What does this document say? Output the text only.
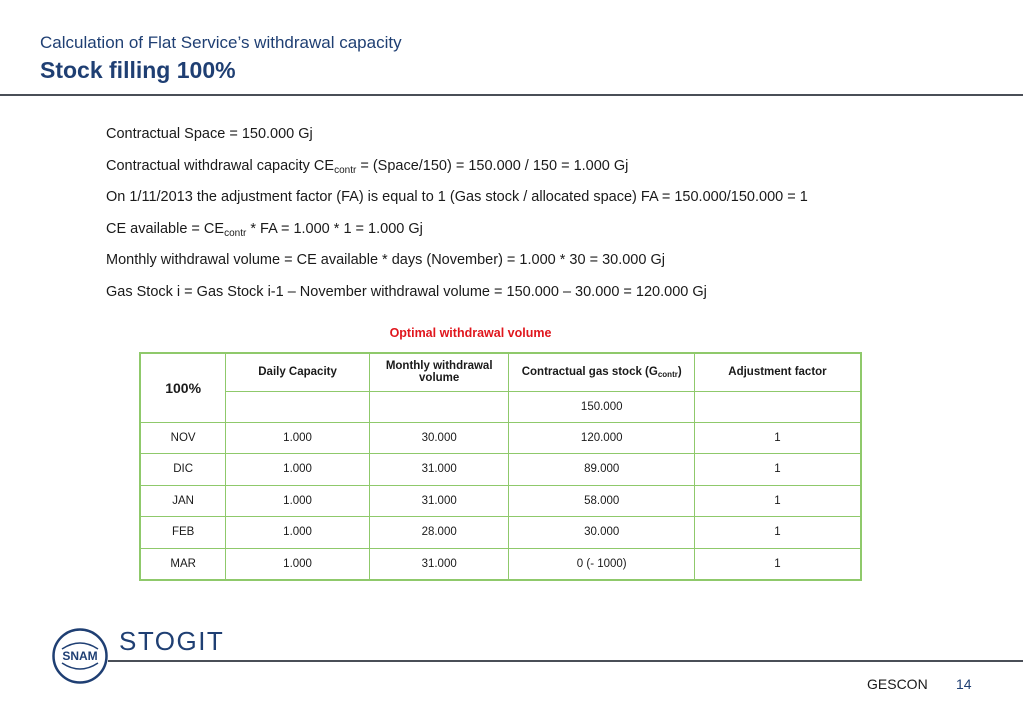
Calculation of Flat Service’s withdrawal capacity
Stock filling 100%
Contractual Space = 150.000 Gj
Contractual withdrawal capacity $CE_{contr}$ = (Space/150) = 150.000 / 150 = 1.000 Gj
On 1/11/2013 the adjustment factor (FA) is equal to 1 (Gas stock / allocated space) FA = 150.000/150.000 = 1
CE available = $CE_{contr}$ * FA = 1.000 * 1 = 1.000 Gj
Monthly withdrawal volume = CE available * days (November) = 1.000 * 30 = 30.000 Gj
Gas Stock i = Gas Stock i-1 – November withdrawal volume = 150.000 – 30.000 = 120.000 Gj
Optimal withdrawal volume
100%	Daily Capacity	Monthly withdrawal volume	Contractual gas stock $(G_{contr})$	Adjustment factor
			150.000	
NOV	1.000	30.000	120.000	1
DIC	1.000	31.000	89.000	1
JAN	1.000	31.000	58.000	1
FEB	1.000	28.000	30.000	1
MAR	1.000	31.000	0 (- 1000)	1
SNAM STOGIT
GESCON 14
